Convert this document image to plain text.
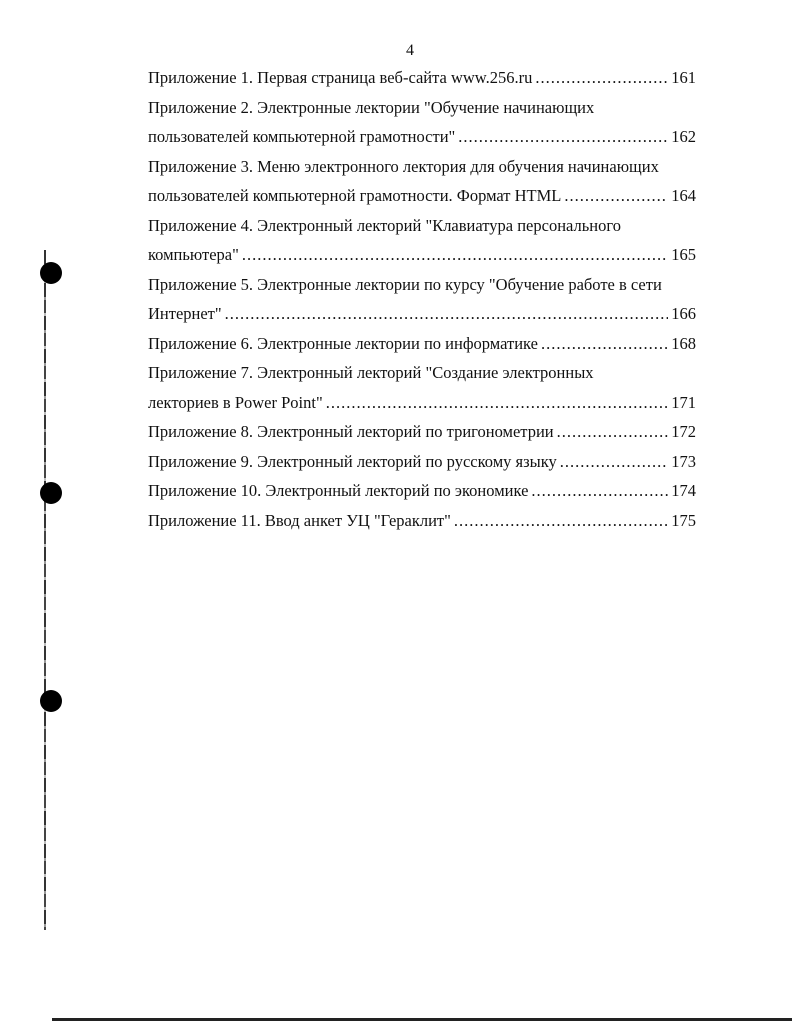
4
Приложение 1. Первая страница веб-сайта www.256.ru .....	161
Приложение 2. Электронные лектории "Обучение начинающих
пользователей компьютерной грамотности" .....	162
Приложение 3. Меню электронного лектория для обучения начинающих
пользователей компьютерной грамотности. Формат HTML .....	164
Приложение 4. Электронный лекторий "Клавиатура персонального
компьютера" .....	165
Приложение 5. Электронные лектории по курсу "Обучение работе в сети
Интернет" .....	166
Приложение 6. Электронные лектории по информатике .....	168
Приложение 7. Электронный лекторий "Создание электронных
лекториев в Power Point" .....	171
Приложение 8. Электронный лекторий по тригонометрии .....	172
Приложение 9. Электронный лекторий по русскому языку .....	173
Приложение 10. Электронный лекторий по экономике .....	174
Приложение 11. Ввод анкет УЦ "Гераклит" .....	175
